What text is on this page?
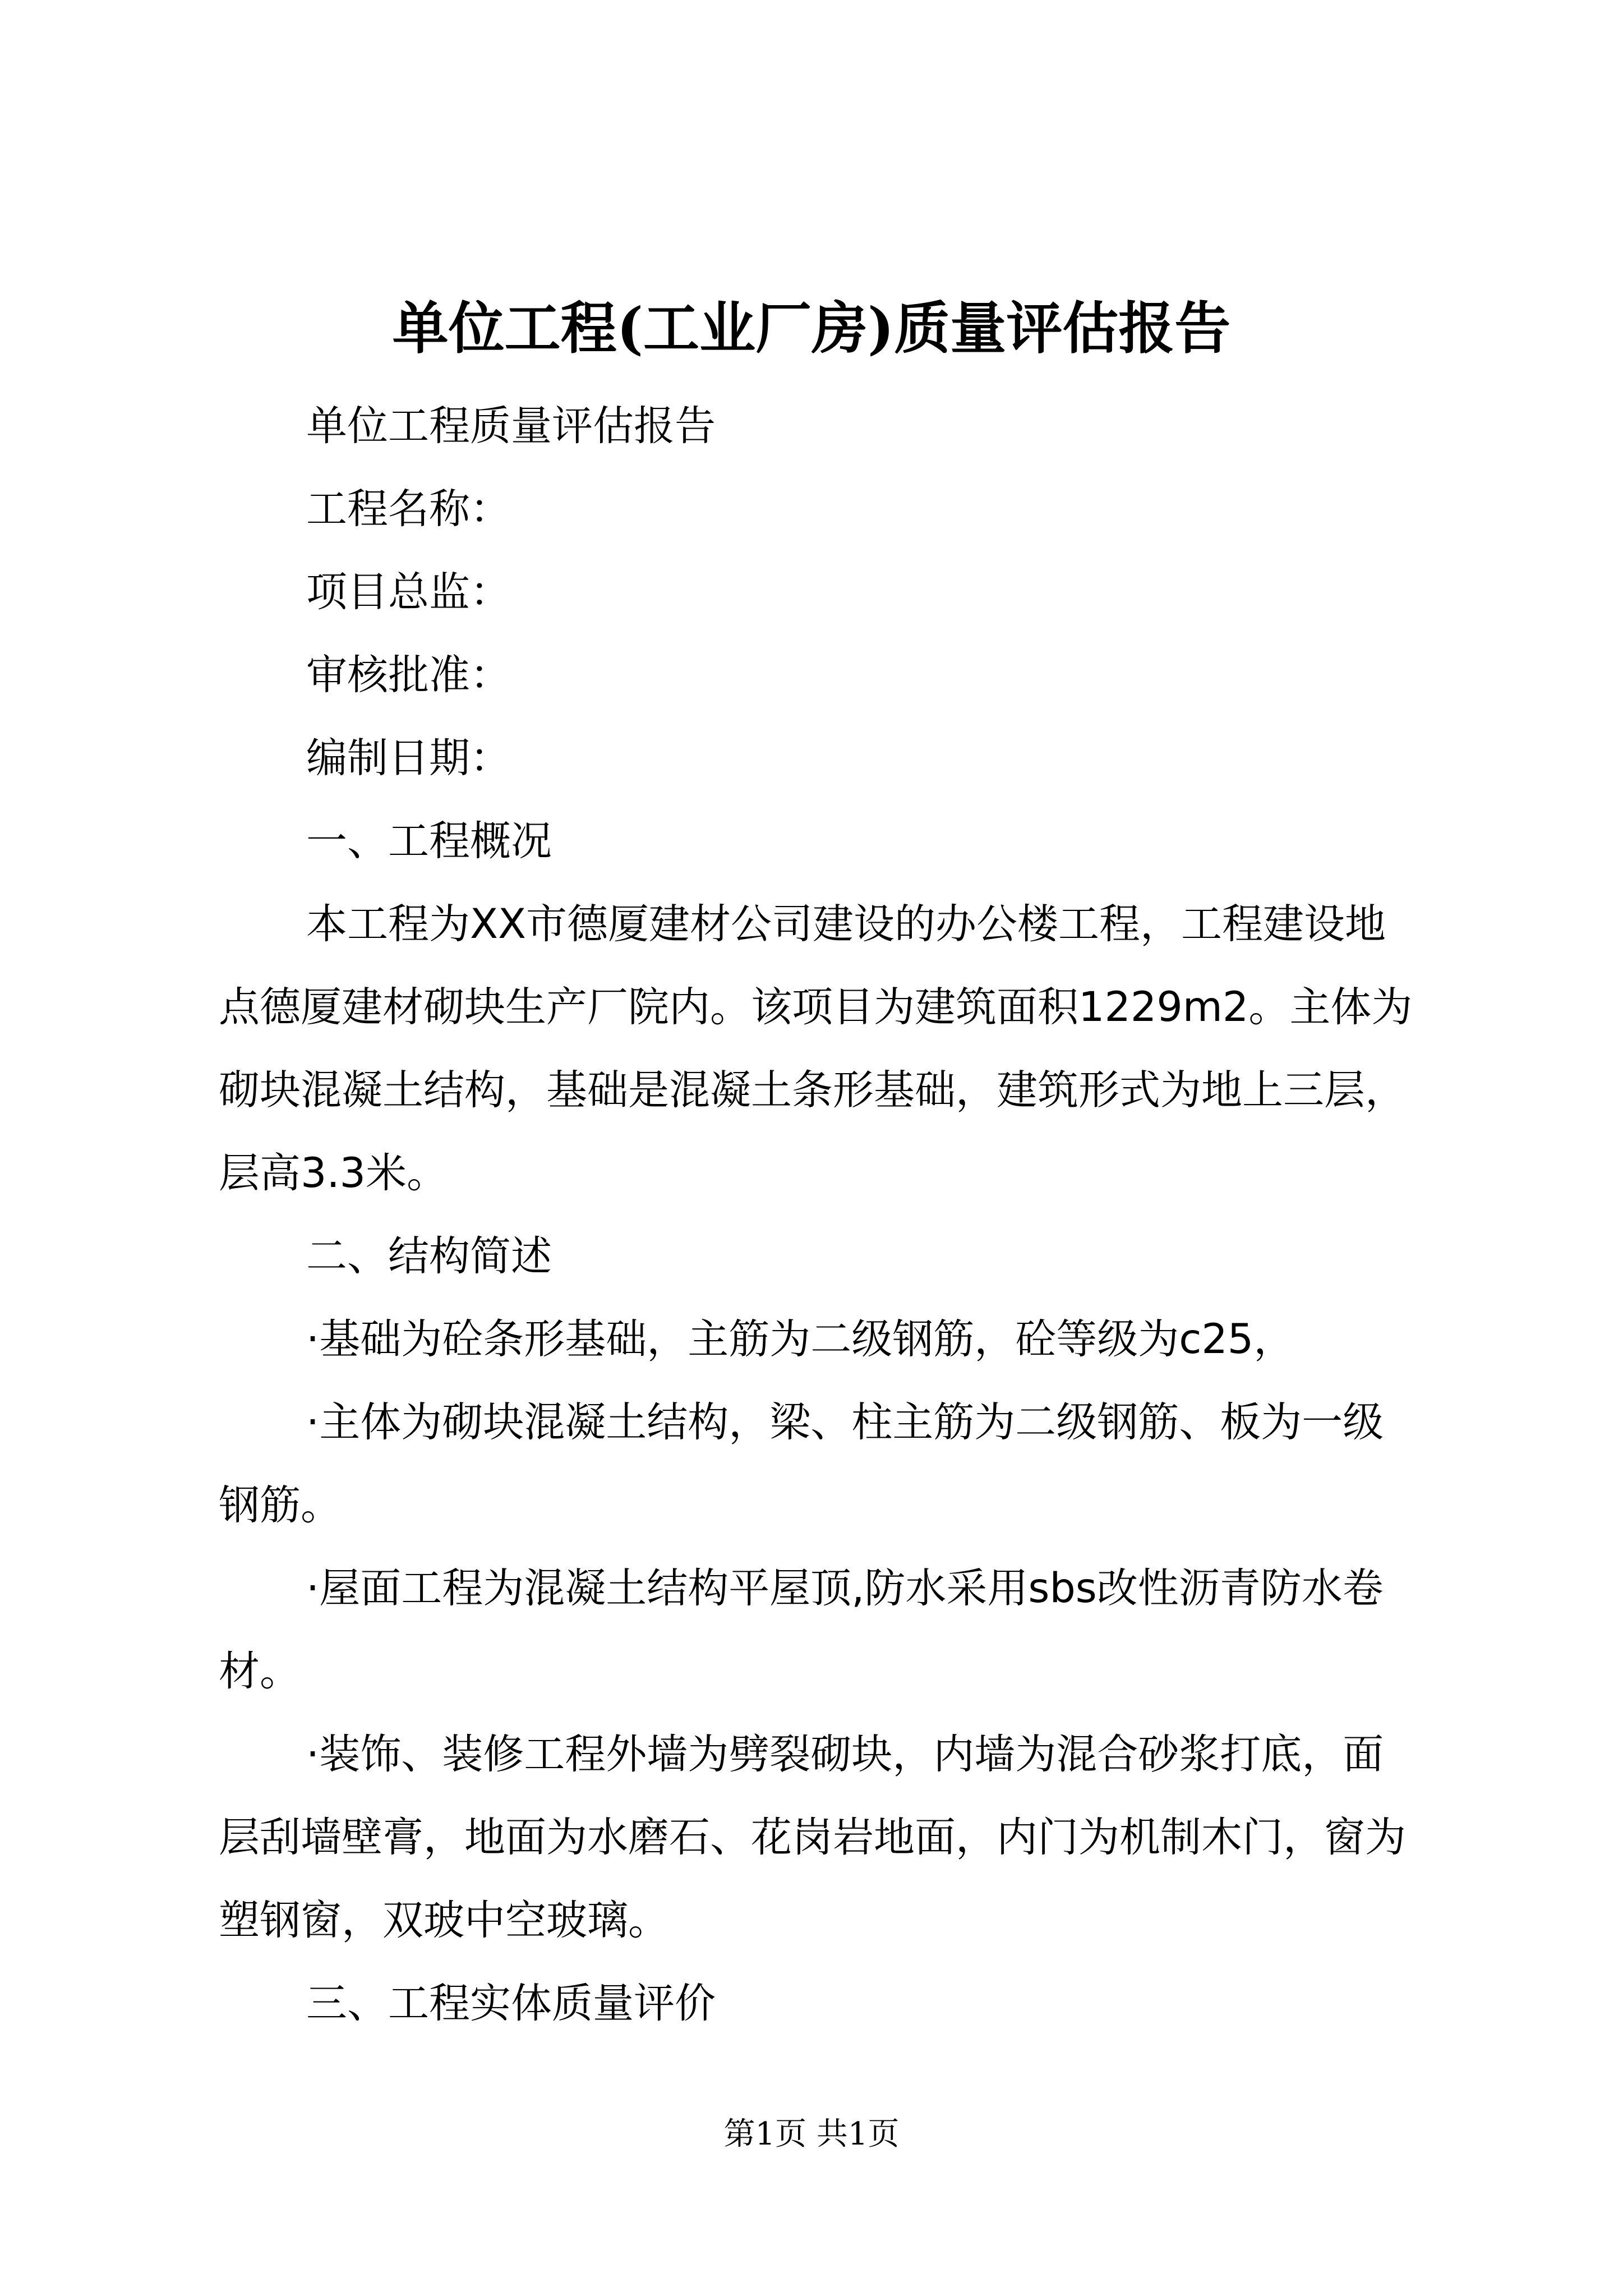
单位工程(工业厂房)质量评估报告

单位工程质量评估报告

工程名称：

项目总监：

审核批准：

编制日期：

一、工程概况

本工程为XX市德厦建材公司建设的办公楼工程，工程建设地点德厦建材砌块生产厂院内。该项目为建筑面积1229m2。主体为砌块混凝土结构，基础是混凝土条形基础，建筑形式为地上三层，层高3.3米。

二、结构简述

·基础为砼条形基础，主筋为二级钢筋，砼等级为c25，

·主体为砌块混凝土结构，梁、柱主筋为二级钢筋、板为一级钢筋。

·屋面工程为混凝土结构平屋顶,防水采用sbs改性沥青防水卷材。

·装饰、装修工程外墙为劈裂砌块，内墙为混合砂浆打底，面层刮墙壁膏，地面为水磨石、花岗岩地面，内门为机制木门，窗为塑钢窗，双玻中空玻璃。

三、工程实体质量评价

第1页 共1页
